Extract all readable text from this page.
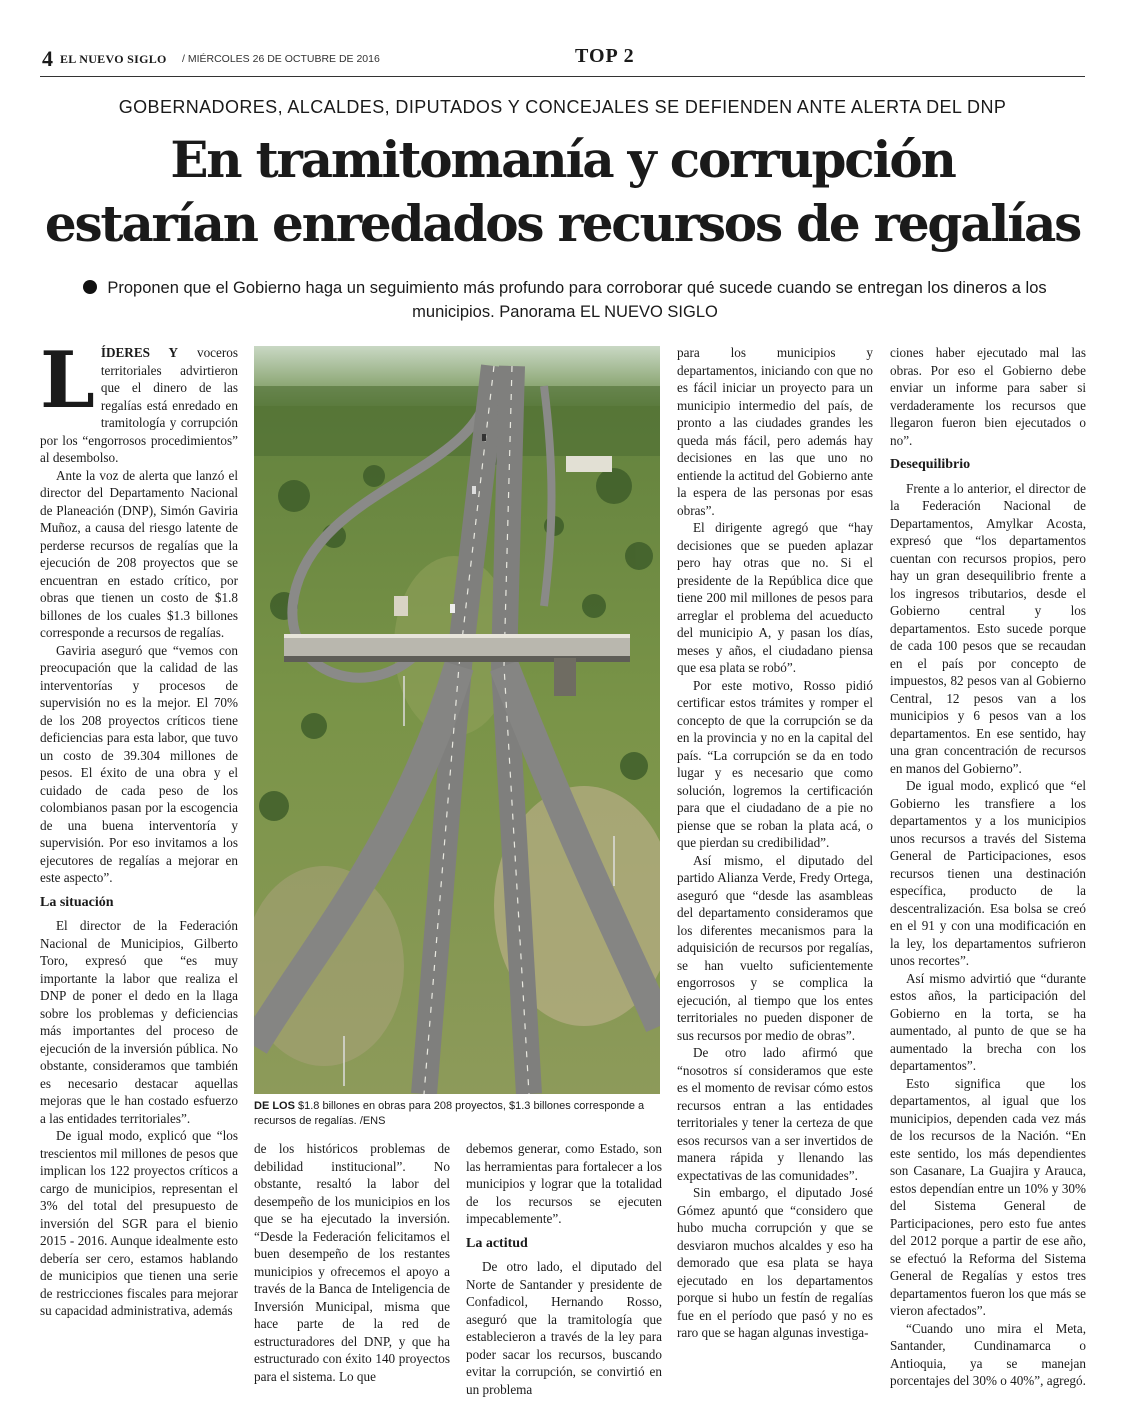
4 EL NUEVO SIGLO / MIÉRCOLES 26 DE OCTUBRE DE 2016	TOP 2
GOBERNADORES, ALCALDES, DIPUTADOS Y CONCEJALES SE DEFIENDEN ANTE ALERTA DEL DNP
En tramitomanía y corrupción
estarían enredados recursos de regalías
Proponen que el Gobierno haga un seguimiento más profundo para corroborar qué sucede cuando se entregan los dineros a los municipios. Panorama EL NUEVO SIGLO

LÍDERES Y voceros territoriales advirtieron que el dinero de las regalías está enredado en tramitología y corrupción por los “engorrosos procedimientos” al desembolso.

Ante la voz de alerta que lanzó el director del Departamento Nacional de Planeación (DNP), Simón Gaviria Muñoz, a causa del riesgo latente de perderse recursos de regalías que la ejecución de 208 proyectos que se encuentran en estado crítico, por obras que tienen un costo de $1.8 billones de los cuales $1.3 billones corresponde a recursos de regalías.

Gaviria aseguró que “vemos con preocupación que la calidad de las interventorías y procesos de supervisión no es la mejor. El 70% de los 208 proyectos críticos tiene deficiencias para esta labor, que tuvo un costo de 39.304 millones de pesos. El éxito de una obra y el cuidado de cada peso de los colombianos pasan por la escogencia de una buena interventoría y supervisión. Por eso invitamos a los ejecutores de regalías a mejorar en este aspecto”.

La situación

El director de la Federación Nacional de Municipios, Gilberto Toro, expresó que “es muy importante la labor que realiza el DNP de poner el dedo en la llaga sobre los problemas y deficiencias más importantes del proceso de ejecución de la inversión pública. No obstante, consideramos que también es necesario destacar aquellas mejoras que le han costado esfuerzo a las entidades territoriales”.

De igual modo, explicó que “los trescientos mil millones de pesos que implican los 122 proyectos críticos a cargo de municipios, representan el 3% del total del presupuesto de inversión del SGR para el bienio 2015 - 2016. Aunque idealmente esto debería ser cero, estamos hablando de municipios que tienen una serie de restricciones fiscales para mejorar su capacidad administrativa, además

DE LOS $1.8 billones en obras para 208 proyectos, $1.3 billones corresponde a recursos de regalías. /ENS

de los históricos problemas de debilidad institucional”. No obstante, resaltó la labor del desempeño de los municipios en los que se ha ejecutado la inversión. “Desde la Federación felicitamos el buen desempeño de los restantes municipios y ofrecemos el apoyo a través de la Banca de Inteligencia de Inversión Municipal, misma que hace parte de la red de estructuradores del DNP, y que ha estructurado con éxito 140 proyectos para el sistema. Lo que

debemos generar, como Estado, son las herramientas para fortalecer a los municipios y lograr que la totalidad de los recursos se ejecuten impecablemente”.

La actitud

De otro lado, el diputado del Norte de Santander y presidente de Confadicol, Hernando Rosso, aseguró que la tramitología que establecieron a través de la ley para poder sacar los recursos, buscando evitar la corrupción, se convirtió en un problema

para los municipios y departamentos, iniciando con que no es fácil iniciar un proyecto para un municipio intermedio del país, de pronto a las ciudades grandes les queda más fácil, pero además hay decisiones en las que uno no entiende la actitud del Gobierno ante la espera de las personas por esas obras”.

El dirigente agregó que “hay decisiones que se pueden aplazar pero hay otras que no. Si el presidente de la República dice que tiene 200 mil millones de pesos para arreglar el problema del acueducto del municipio A, y pasan los días, meses y años, el ciudadano piensa que esa plata se robó”.

Por este motivo, Rosso pidió certificar estos trámites y romper el concepto de que la corrupción se da en la provincia y no en la capital del país. “La corrupción se da en todo lugar y es necesario que como solución, logremos la certificación para que el ciudadano de a pie no piense que se roban la plata acá, o que pierdan su credibilidad”.

Así mismo, el diputado del partido Alianza Verde, Fredy Ortega, aseguró que “desde las asambleas del departamento consideramos que los diferentes mecanismos para la adquisición de recursos por regalías, se han vuelto suficientemente engorrosos y se complica la ejecución, al tiempo que los entes territoriales no pueden disponer de sus recursos por medio de obras”.

De otro lado afirmó que “nosotros sí consideramos que este es el momento de revisar cómo estos recursos entran a las entidades territoriales y tener la certeza de que esos recursos van a ser invertidos de manera rápida y llenando las expectativas de las comunidades”.

Sin embargo, el diputado José Gómez apuntó que “considero que hubo mucha corrupción y que se desviaron muchos alcaldes y eso ha demorado que esa plata se haya ejecutado en los departamentos porque si hubo un festín de regalías fue en el período que pasó y no es raro que se hagan algunas investiga-

ciones haber ejecutado mal las obras. Por eso el Gobierno debe enviar un informe para saber si verdaderamente los recursos que llegaron fueron bien ejecutados o no”.

Desequilibrio

Frente a lo anterior, el director de la Federación Nacional de Departamentos, Amylkar Acosta, expresó que “los departamentos cuentan con recursos propios, pero hay un gran desequilibrio frente a los ingresos tributarios, desde el Gobierno central y los departamentos. Esto sucede porque de cada 100 pesos que se recaudan en el país por concepto de impuestos, 82 pesos van al Gobierno Central, 12 pesos van a los municipios y 6 pesos van a los departamentos. En ese sentido, hay una gran concentración de recursos en manos del Gobierno”.

De igual modo, explicó que “el Gobierno les transfiere a los departamentos y a los municipios unos recursos a través del Sistema General de Participaciones, esos recursos tienen una destinación específica, producto de la descentralización. Esa bolsa se creó en el 91 y con una modificación en la ley, los departamentos sufrieron unos recortes”.

Así mismo advirtió que “durante estos años, la participación del Gobierno en la torta, se ha aumentado, al punto de que se ha aumentado la brecha con los departamentos”.

Esto significa que los departamentos, al igual que los municipios, dependen cada vez más de los recursos de la Nación. “En este sentido, los más dependientes son Casanare, La Guajira y Arauca, estos dependían entre un 10% y 30% del Sistema General de Participaciones, pero esto fue antes del 2012 porque a partir de ese año, se efectuó la Reforma del Sistema General de Regalías y estos tres departamentos fueron los que más se vieron afectados”.

“Cuando uno mira el Meta, Santander, Cundinamarca o Antioquia, ya se manejan porcentajes del 30% o 40%”, agregó.
